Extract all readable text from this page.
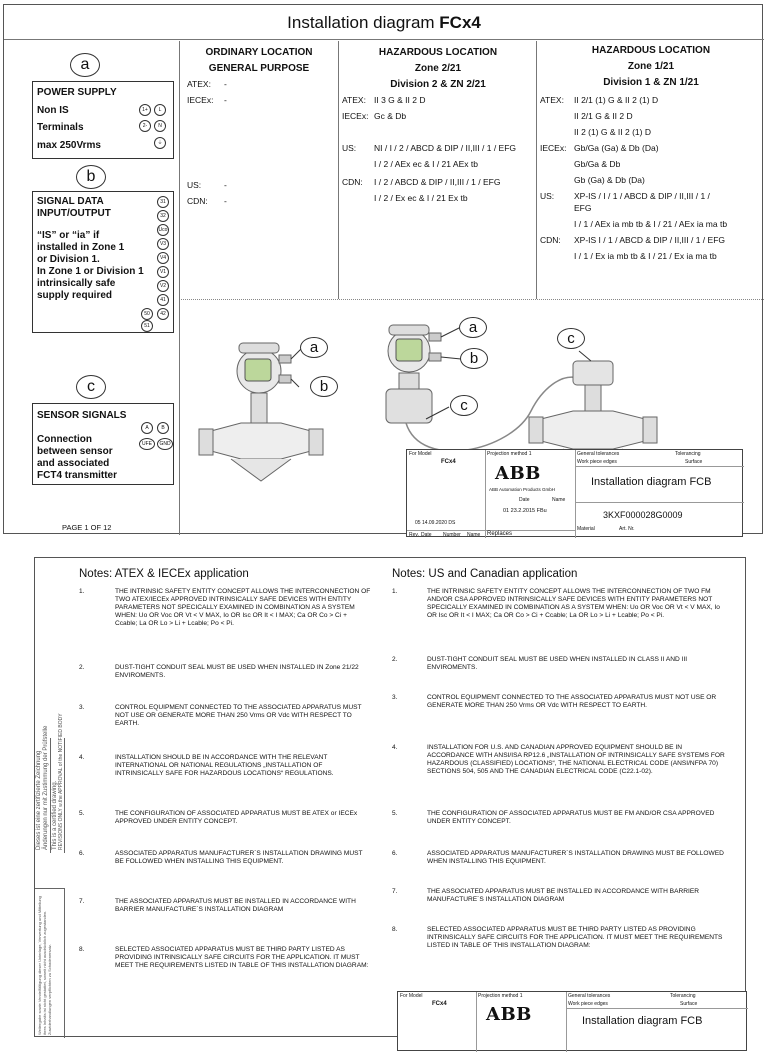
Installation diagram FCx4
a
POWER SUPPLY
Non IS
Terminals
max 250Vrms
1+	L
2-	N
⏚
b
SIGNAL DATA
INPUT/OUTPUT
“IS” or “ia” if
installed in Zone 1
or Division 1.
In Zone 1 or Division 1
intrinsically safe
supply required
31
32
Uco
V3
V4
V1
V2
41
50	42
51
c
SENSOR SIGNALS
Connection
between sensor
and associated
FCT4 transmitter
A	B
UFE	GND
PAGE 1 OF 12
ORDINARY LOCATION
GENERAL PURPOSE
ATEX: -
IECEx: -
US:	-
CDN: -
HAZARDOUS LOCATION
Zone 2/21
Division 2 & ZN 2/21
ATEX: II 3 G & II 2 D
IECEx: Gc & Db
US: NI / I / 2 / ABCD & DIP / II,III / 1 / EFG
I / 2 / AEx ec & I / 21 AEx tb
CDN: I / 2 / ABCD & DIP / II,III / 1 / EFG
I / 2 / Ex ec & I / 21 Ex tb
HAZARDOUS LOCATION
Zone 1/21
Division 1 & ZN 1/21
ATEX: II 2/1 (1) G & II 2 (1) D
II 2/1 G & II 2 D
II 2 (1) G & II 2 (1) D
IECEx: Gb/Ga (Ga) & Db (Da)
Gb/Ga & Db
Gb (Ga) & Db (Da)
US: XP-IS / I / 1 / ABCD & DIP / II,III / 1 /
EFG
I / 1 / AEx ia mb tb & I / 21 / AEx ia ma tb
CDN: XP-IS I / 1 / ABCD & DIP / II,III / 1 / EFG
I / 1 / Ex ia mb tb & I / 21 / Ex ia ma tb
a
b
a
b
c
c
For Model
FCx4
Projection method 1
ABB
ABB Automation Products GmbH
Date	Name
01 23.2.2015 FBu
General tolerances	Tolerancing
Work piece edges	Surface
Installation diagram FCB
3KXF000028G0009
Material	Art. Nr.
05 14.09.2020 DS
Rev. Date Number Name Replaces
Dieses ist eine zertifizierte Zeichnung Änderungen nur mit Zustimmung der Prüfstelle This is a certified drawing. REVISIONS ONLY w.the APPROVAL of the NOTIFIED BODY
Weitergabe sowie Vervielfältigung dieser Unterlage, Verwertung und Mitteilung ihres Inhalts ist nicht gestattet, soweit nicht ausdrücklich zugestanden. Zuwiderhandlungen verpflichten zu Schadenersatz.
Notes: ATEX & IECEx application	Notes: US and Canadian application
1.	THE INTRINSIC SAFETY ENTITY CONCEPT ALLOWS THE INTERCONNECTION OF TWO ATEX/IECEx APPROVED INTRINSICALLY SAFE DEVICES WITH ENTITY PARAMETERS NOT SPECICALLY EXAMINED IN COMBINATION AS A SYSTEM WHEN: Uo OR Voc OR Vt < V MAX, Io OR Isc OR It < I MAX; Ca OR Co > Ci + Ccable; La OR Lo > Li + Lcable; Po < Pi.
2.	DUST-TIGHT CONDUIT SEAL MUST BE USED WHEN INSTALLED IN Zone 21/22 ENVIROMENTS.
3.	CONTROL EQUIPMENT CONNECTED TO THE ASSOCIATED APPARATUS MUST NOT USE OR GENERATE MORE THAN 250 Vrms OR Vdc WITH RESPECT TO EARTH.
4.	INSTALLATION SHOULD BE IN ACCORDANCE WITH THE RELEVANT INTERNATIONAL OR NATIONAL REGULATIONS „INSTALLATION OF INTRINSICALLY SAFE FOR HAZARDOUS LOCATIONS“ REGULATIONS.
5.	THE CONFIGURATION OF ASSOCIATED APPARATUS MUST BE ATEX or IECEx APPROVED UNDER ENTITY CONCEPT.
6.	ASSOCIATED APPARATUS MANUFACTURER´S INSTALLATION DRAWING MUST BE FOLLOWED WHEN INSTALLING THIS EQUIPMENT.
7.	THE ASSOCIATED APPARATUS MUST BE INSTALLED IN ACCORDANCE WITH BARRIER MANUFACTURE´S INSTALLATION DIAGRAM
8.	SELECTED ASSOCIATED APPARATUS MUST BE THIRD PARTY LISTED AS PROVIDING INTRINSICALLY SAFE CIRCUITS FOR THE APPLICATION. IT MUST MEET THE REQUIREMENTS LISTED IN TABLE OF THIS INSTALLATION DIAGRAM:
1.	THE INTRINSIC SAFETY ENTITY CONCEPT ALLOWS THE INTERCONNECTION OF TWO FM AND/OR CSA APPROVED INTRINSICALLY SAFE DEVICES WITH ENTITY PARAMETERS NOT SPECICALLY EXAMINED IN COMBINATION AS A SYSTEM WHEN: Uo OR Voc OR Vt < V MAX, Io OR Isc OR It < I MAX; Ca OR Co > Ci + Ccable; La OR Lo > Li + Lcable; Po < Pi.
2.	DUST-TIGHT CONDUIT SEAL MUST BE USED WHEN INSTALLED IN CLASS II AND III ENVIROMENTS.
3.	CONTROL EQUIPMENT CONNECTED TO THE ASSOCIATED APPARATUS MUST NOT USE OR GENERATE MORE THAN 250 Vrms OR Vdc WITH RESPECT TO EARTH.
4.	INSTALLATION FOR U.S. AND CANADIAN APPROVED EQUIPMENT SHOULD BE IN ACCORDANCE WITH ANSI/ISA RP12.6 „INSTALLATION OF INTRINSICALLY SAFE SYSTEMS FOR HAZARDOUS (CLASSIFIED) LOCATIONS“, THE NATIONAL ELECTRICAL CODE (ANSI/NFPA 70) SECTIONS 504, 505 AND THE CANADIAN ELECTRICAL CODE (C22.1-02).
5.	THE CONFIGURATION OF ASSOCIATED APPARATUS MUST BE FM AND/OR CSA APPROVED UNDER ENTITY CONCEPT.
6.	ASSOCIATED APPARATUS MANUFACTURER´S INSTALLATION DRAWING MUST BE FOLLOWED WHEN INSTALLING THIS EQUIPMENT.
7.	THE ASSOCIATED APPARATUS MUST BE INSTALLED IN ACCORDANCE WITH BARRIER MANUFACTURE´S INSTALLATION DIAGRAM
8.	SELECTED ASSOCIATED APPARATUS MUST BE THIRD PARTY LISTED AS PROVIDING INTRINSICALLY SAFE CIRCUITS FOR THE APPLICATION. IT MUST MEET THE REQUIREMENTS LISTED IN TABLE OF THIS INSTALLATION DIAGRAM:
For Model
FCx4
Projection method 1
ABB
General tolerances	Tolerancing
Work piece edges	Surface
Installation diagram FCB
